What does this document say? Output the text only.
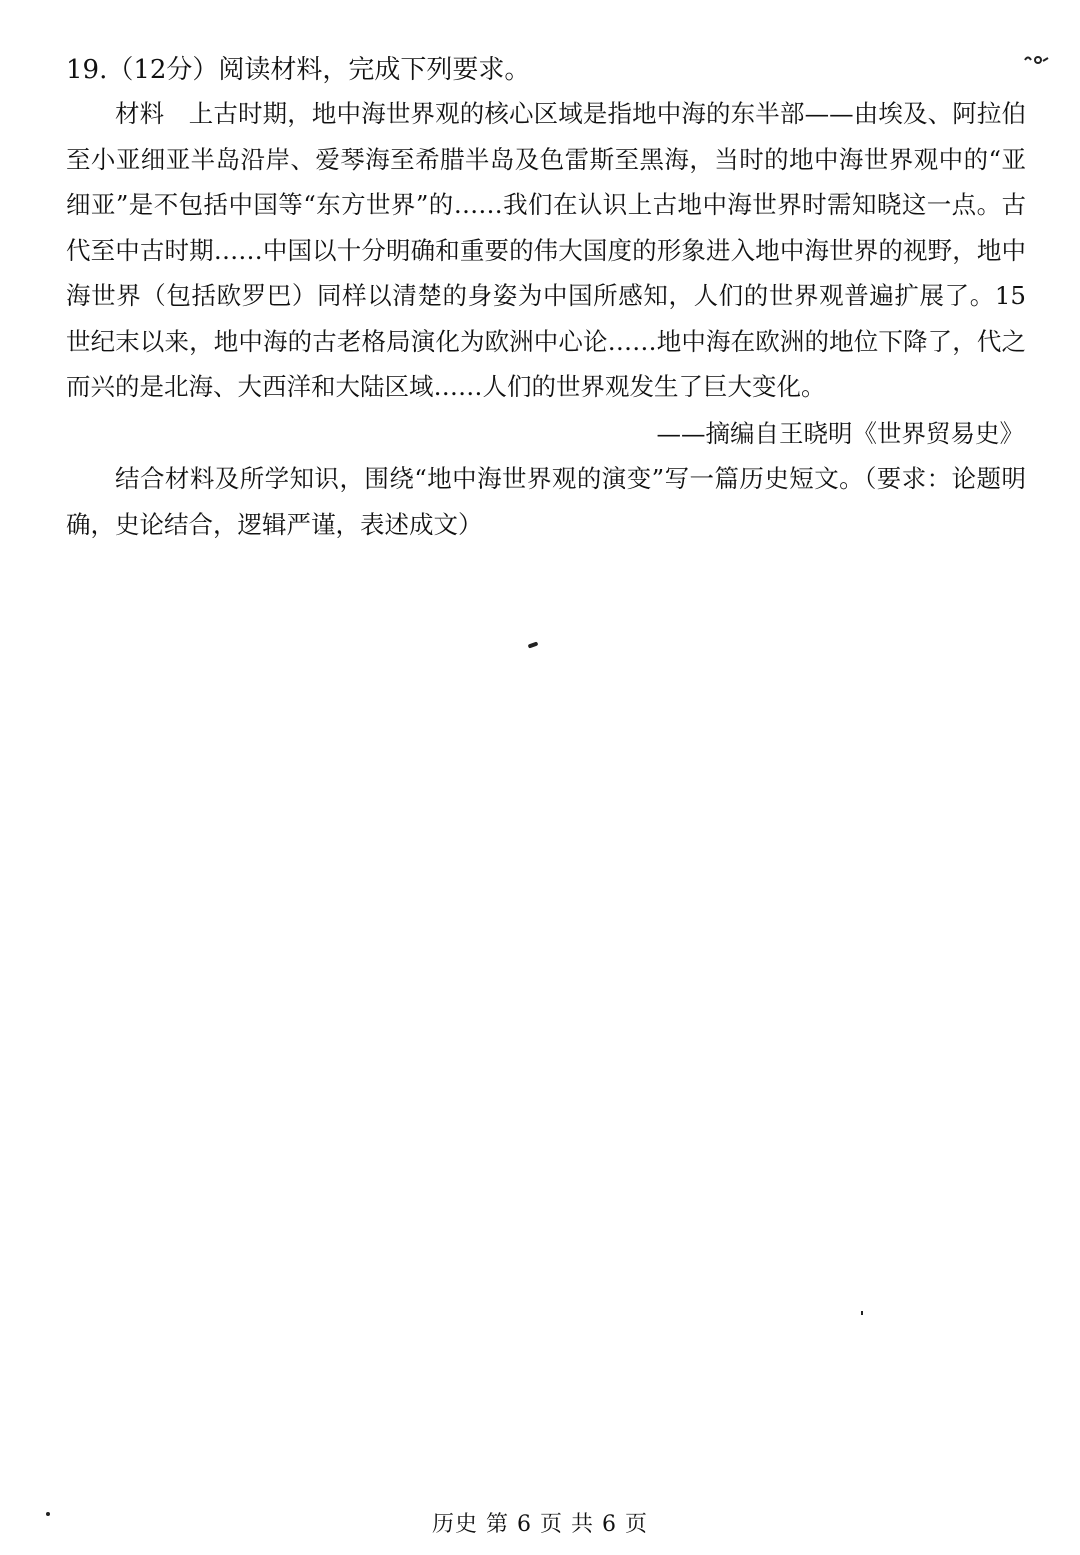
19.（12分）阅读材料，完成下列要求。
材料 上古时期，地中海世界观的核心区域是指地中海的东半部——由埃及、阿拉伯至小亚细亚半岛沿岸、爱琴海至希腊半岛及色雷斯至黑海，当时的地中海世界观中的“亚细亚”是不包括中国等“东方世界”的……我们在认识上古地中海世界时需知晓这一点。古代至中古时期……中国以十分明确和重要的伟大国度的形象进入地中海世界的视野，地中海世界（包括欧罗巴）同样以清楚的身姿为中国所感知，人们的世界观普遍扩展了。15世纪末以来，地中海的古老格局演化为欧洲中心论……地中海在欧洲的地位下降了，代之而兴的是北海、大西洋和大陆区域……人们的世界观发生了巨大变化。
——摘编自王晓明《世界贸易史》
结合材料及所学知识，围绕“地中海世界观的演变”写一篇历史短文。（要求：论题明确，史论结合，逻辑严谨，表述成文）
历史 第 6 页 共 6 页
